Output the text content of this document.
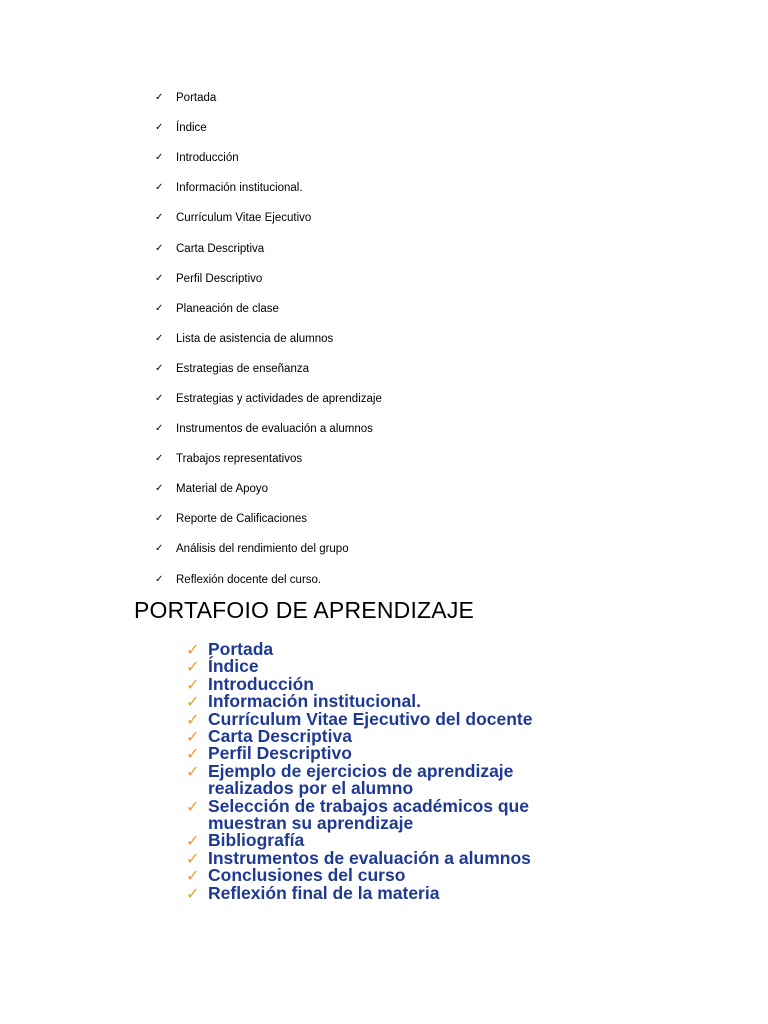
✓	Portada
✓	Índice
✓	Introducción
✓	Información institucional.
✓	Currículum Vitae Ejecutivo
✓	Carta Descriptiva
✓	Perfil Descriptivo
✓	Planeación de clase
✓	Lista de asistencia de alumnos
✓	Estrategias de enseñanza
✓	Estrategias y actividades de aprendizaje
✓	Instrumentos de evaluación a alumnos
✓	Trabajos representativos
✓	Material de Apoyo
✓	Reporte de Calificaciones
✓	Análisis del rendimiento del grupo
✓	Reflexión docente del curso.
PORTAFOIO DE APRENDIZAJE
✓ Portada
✓ Índice
✓ Introducción
✓ Información institucional.
✓ Currículum Vitae Ejecutivo del docente
✓ Carta Descriptiva
✓ Perfil Descriptivo
✓ Ejemplo de ejercicios de aprendizaje
realizados por el alumno
✓ Selección de trabajos académicos que
muestran su aprendizaje
✓ Bibliografía
✓ Instrumentos de evaluación a alumnos
✓ Conclusiones del curso
✓ Reflexión final de la materia
